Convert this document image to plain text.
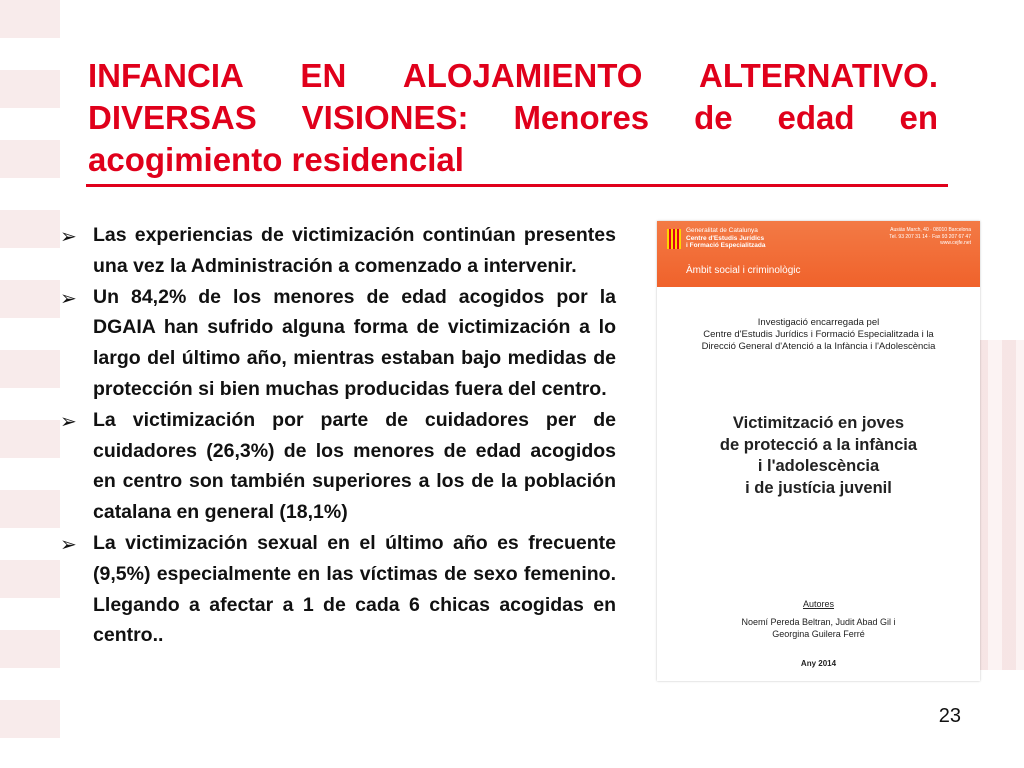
INFANCIA EN ALOJAMIENTO ALTERNATIVO. DIVERSAS VISIONES: Menores de edad en acogimiento residencial
➢ Las experiencias de victimización continúan presentes una vez la Administración a comenzado a intervenir.
➢ Un 84,2% de los menores de edad acogidos por la DGAIA han sufrido alguna forma de victimización a lo largo del último año, mientras estaban bajo medidas de protección si bien muchas producidas fuera del centro.
➢ La victimización por parte de cuidadores per de cuidadores (26,3%) de los menores de edad acogidos en centro son también superiores a los de la población catalana en general (18,1%)
➢ La victimización sexual en el último año es frecuente (9,5%) especialmente en las víctimas de sexo femenino. Llegando a afectar a 1 de cada 6 chicas acogidas en centro..
Generalitat de Catalunya
Centre d'Estudis Jurídics
i Formació Especialitzada
Ausiàs March, 40 · 08010 Barcelona
Tel. 93 207 31 14 · Fax 93 207 67 47
www.cejfe.net
Àmbit social i criminològic
Investigació encarregada pel
Centre d'Estudis Jurídics i Formació Especialitzada i la
Direcció General d'Atenció a la Infància i l'Adolescència
Victimització en joves
de protecció a la infància
i l'adolescència
i de justícia juvenil
Autores
Noemí Pereda Beltran, Judit Abad Gil i
Georgina Guilera Ferré
Any 2014
23
